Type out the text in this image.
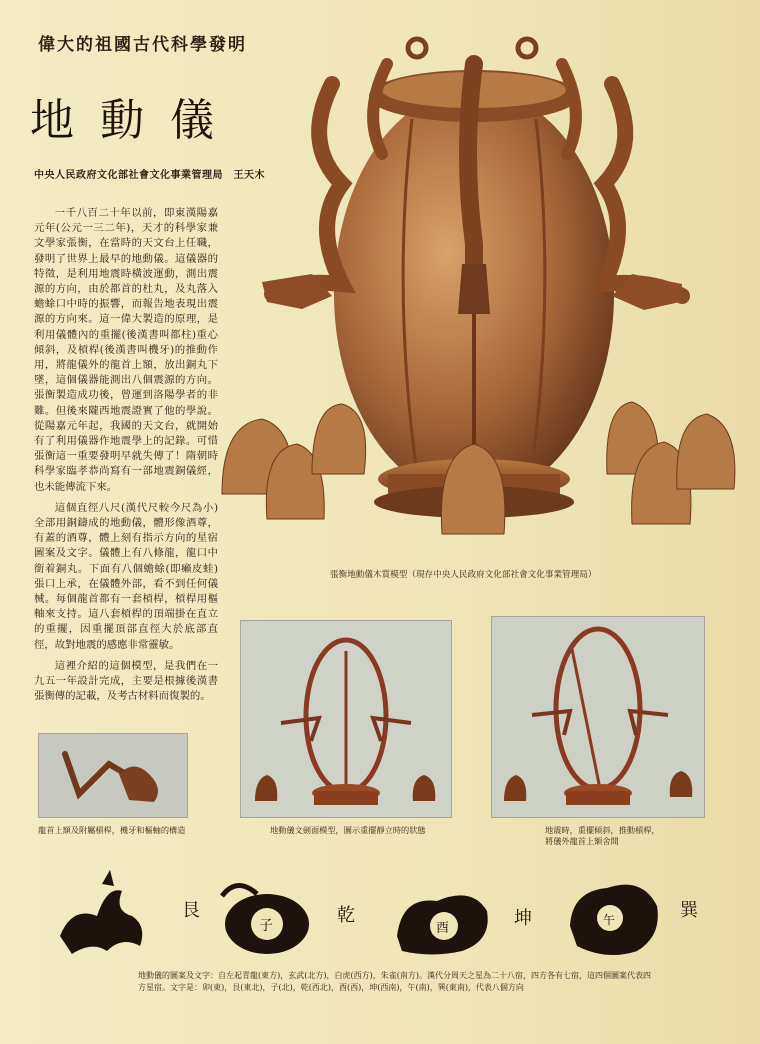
偉大的祖國古代科學發明
地動儀
中央人民政府文化部社會文化事業管理局　王天木

一千八百二十年以前，即東漢陽嘉元年(公元一三二年)，天才的科學家兼文學家張衡，在當時的天文台上任職，發明了世界上最早的地動儀。這儀器的特徵，是利用地震時橫波運動，測出震源的方向，由於都首的杜丸，及丸落入蟾蜍口中時的振響，而報告地表現出震源的方向來。這一偉大製造的原理，是利用儀體內的重擺(後漢書叫都柱)重心傾斜，及槓桿(後漢書叫機牙)的推動作用，將龍儀外的龍首上額，放出銅丸下墜，這個儀器能測出八個震源的方向。張衡製造成功後，曾運到洛陽學者的非難。但後來隴西地震證實了他的學說。從陽嘉元年起，我國的天文台，就開始有了利用儀器作地震學上的記錄。可惜張衡這一重要發明早就失傳了！隋朝時科學家臨孝恭尚寫有一部地震銅儀經，也未能傳流下來。

這個直徑八尺(漢代尺較今尺為小)全部用銅鑄成的地動儀，體形像酒尊，有蓋的酒尊，體上刻有指示方向的星宿圖案及文字。儀體上有八條龍，龍口中銜着銅丸。下面有八個蟾蜍(即癩皮蛙)張口上承，在儀體外部，看不到任何儀械。每個龍首都有一套槓桿，槓桿用樞軸來支持。這八套槓桿的頂端掛在直立的重擺，因重擺頂部直徑大於底部直徑，故對地震的感應非常靈敏。

這裡介紹的這個模型，是我們在一九五一年設計完成，主要是根據後漢書張衡傳的記載，及考古材料而復製的。

張衡地動儀木質模型（現存中央人民政府文化部社會文化事業管理局）
龍首上額及附屬槓桿，機牙和樞軸的構造	地動儀文劍面模型，圖示重擺靜立時的狀態	地震時，重擺傾斜，推動槓桿，將儀外龍首上額舍開
艮
子	乾
酉	坤	午	巽
地動儀的圖案及文字：自左起青龍(東方)，玄武(北方)，白虎(西方)，朱雀(南方)。漢代分周天之星為二十八宿，四方各有七宿，這四個圖案代表四方星宿。文字是：卯(東)，艮(東北)，子(北)，乾(西北)，酉(西)，坤(西南)，午(南)，巽(東南)，代表八個方向
